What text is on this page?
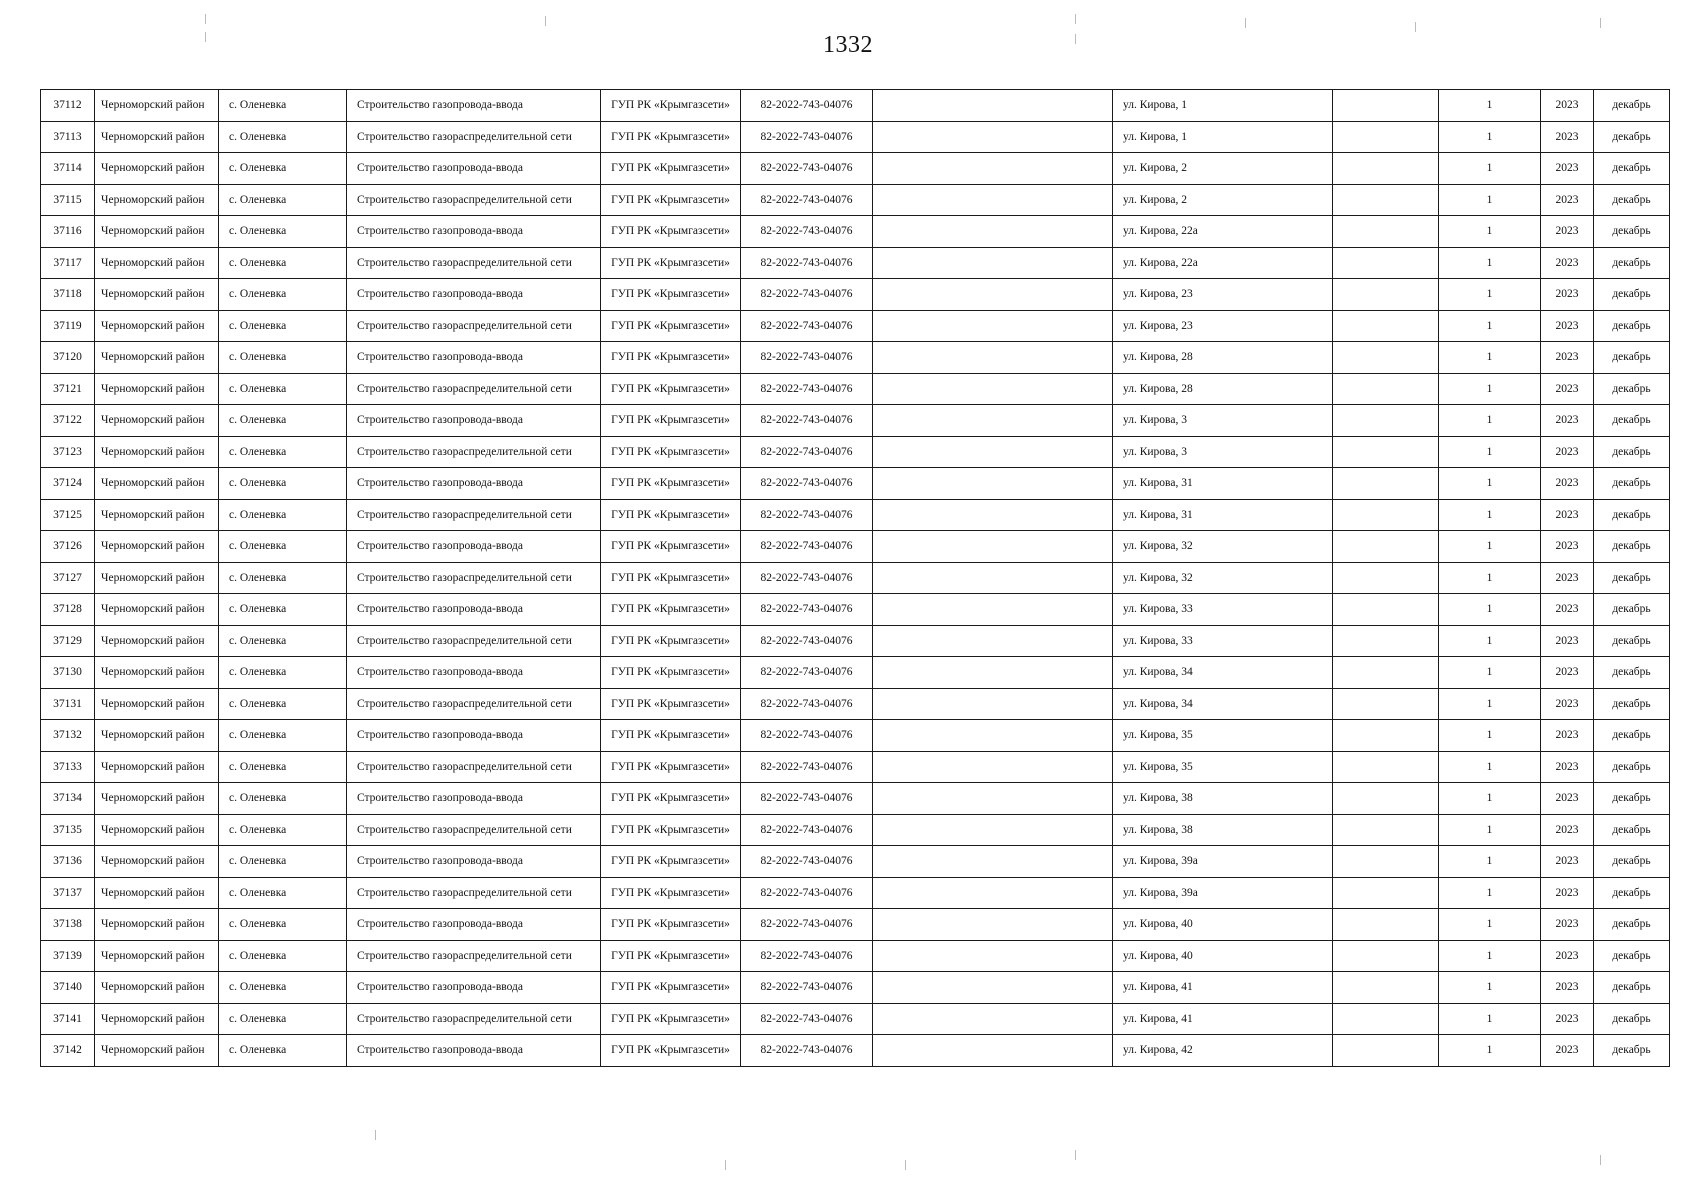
1332
37112	Черноморский район	с. Оленевка	Строительство газопровода-ввода	ГУП РК «Крымгазсети»	82-2022-743-04076		ул. Кирова, 1		1	2023	декабрь
37113	Черноморский район	с. Оленевка	Строительство газораспределительной сети	ГУП РК «Крымгазсети»	82-2022-743-04076		ул. Кирова, 1		1	2023	декабрь
37114	Черноморский район	с. Оленевка	Строительство газопровода-ввода	ГУП РК «Крымгазсети»	82-2022-743-04076		ул. Кирова, 2		1	2023	декабрь
37115	Черноморский район	с. Оленевка	Строительство газораспределительной сети	ГУП РК «Крымгазсети»	82-2022-743-04076		ул. Кирова, 2		1	2023	декабрь
37116	Черноморский район	с. Оленевка	Строительство газопровода-ввода	ГУП РК «Крымгазсети»	82-2022-743-04076		ул. Кирова, 22а		1	2023	декабрь
37117	Черноморский район	с. Оленевка	Строительство газораспределительной сети	ГУП РК «Крымгазсети»	82-2022-743-04076		ул. Кирова, 22а		1	2023	декабрь
37118	Черноморский район	с. Оленевка	Строительство газопровода-ввода	ГУП РК «Крымгазсети»	82-2022-743-04076		ул. Кирова, 23		1	2023	декабрь
37119	Черноморский район	с. Оленевка	Строительство газораспределительной сети	ГУП РК «Крымгазсети»	82-2022-743-04076		ул. Кирова, 23		1	2023	декабрь
37120	Черноморский район	с. Оленевка	Строительство газопровода-ввода	ГУП РК «Крымгазсети»	82-2022-743-04076		ул. Кирова, 28		1	2023	декабрь
37121	Черноморский район	с. Оленевка	Строительство газораспределительной сети	ГУП РК «Крымгазсети»	82-2022-743-04076		ул. Кирова, 28		1	2023	декабрь
37122	Черноморский район	с. Оленевка	Строительство газопровода-ввода	ГУП РК «Крымгазсети»	82-2022-743-04076		ул. Кирова, 3		1	2023	декабрь
37123	Черноморский район	с. Оленевка	Строительство газораспределительной сети	ГУП РК «Крымгазсети»	82-2022-743-04076		ул. Кирова, 3		1	2023	декабрь
37124	Черноморский район	с. Оленевка	Строительство газопровода-ввода	ГУП РК «Крымгазсети»	82-2022-743-04076		ул. Кирова, 31		1	2023	декабрь
37125	Черноморский район	с. Оленевка	Строительство газораспределительной сети	ГУП РК «Крымгазсети»	82-2022-743-04076		ул. Кирова, 31		1	2023	декабрь
37126	Черноморский район	с. Оленевка	Строительство газопровода-ввода	ГУП РК «Крымгазсети»	82-2022-743-04076		ул. Кирова, 32		1	2023	декабрь
37127	Черноморский район	с. Оленевка	Строительство газораспределительной сети	ГУП РК «Крымгазсети»	82-2022-743-04076		ул. Кирова, 32		1	2023	декабрь
37128	Черноморский район	с. Оленевка	Строительство газопровода-ввода	ГУП РК «Крымгазсети»	82-2022-743-04076		ул. Кирова, 33		1	2023	декабрь
37129	Черноморский район	с. Оленевка	Строительство газораспределительной сети	ГУП РК «Крымгазсети»	82-2022-743-04076		ул. Кирова, 33		1	2023	декабрь
37130	Черноморский район	с. Оленевка	Строительство газопровода-ввода	ГУП РК «Крымгазсети»	82-2022-743-04076		ул. Кирова, 34		1	2023	декабрь
37131	Черноморский район	с. Оленевка	Строительство газораспределительной сети	ГУП РК «Крымгазсети»	82-2022-743-04076		ул. Кирова, 34		1	2023	декабрь
37132	Черноморский район	с. Оленевка	Строительство газопровода-ввода	ГУП РК «Крымгазсети»	82-2022-743-04076		ул. Кирова, 35		1	2023	декабрь
37133	Черноморский район	с. Оленевка	Строительство газораспределительной сети	ГУП РК «Крымгазсети»	82-2022-743-04076		ул. Кирова, 35		1	2023	декабрь
37134	Черноморский район	с. Оленевка	Строительство газопровода-ввода	ГУП РК «Крымгазсети»	82-2022-743-04076		ул. Кирова, 38		1	2023	декабрь
37135	Черноморский район	с. Оленевка	Строительство газораспределительной сети	ГУП РК «Крымгазсети»	82-2022-743-04076		ул. Кирова, 38		1	2023	декабрь
37136	Черноморский район	с. Оленевка	Строительство газопровода-ввода	ГУП РК «Крымгазсети»	82-2022-743-04076		ул. Кирова, 39а		1	2023	декабрь
37137	Черноморский район	с. Оленевка	Строительство газораспределительной сети	ГУП РК «Крымгазсети»	82-2022-743-04076		ул. Кирова, 39а		1	2023	декабрь
37138	Черноморский район	с. Оленевка	Строительство газопровода-ввода	ГУП РК «Крымгазсети»	82-2022-743-04076		ул. Кирова, 40		1	2023	декабрь
37139	Черноморский район	с. Оленевка	Строительство газораспределительной сети	ГУП РК «Крымгазсети»	82-2022-743-04076		ул. Кирова, 40		1	2023	декабрь
37140	Черноморский район	с. Оленевка	Строительство газопровода-ввода	ГУП РК «Крымгазсети»	82-2022-743-04076		ул. Кирова, 41		1	2023	декабрь
37141	Черноморский район	с. Оленевка	Строительство газораспределительной сети	ГУП РК «Крымгазсети»	82-2022-743-04076		ул. Кирова, 41		1	2023	декабрь
37142	Черноморский район	с. Оленевка	Строительство газопровода-ввода	ГУП РК «Крымгазсети»	82-2022-743-04076		ул. Кирова, 42		1	2023	декабрь
